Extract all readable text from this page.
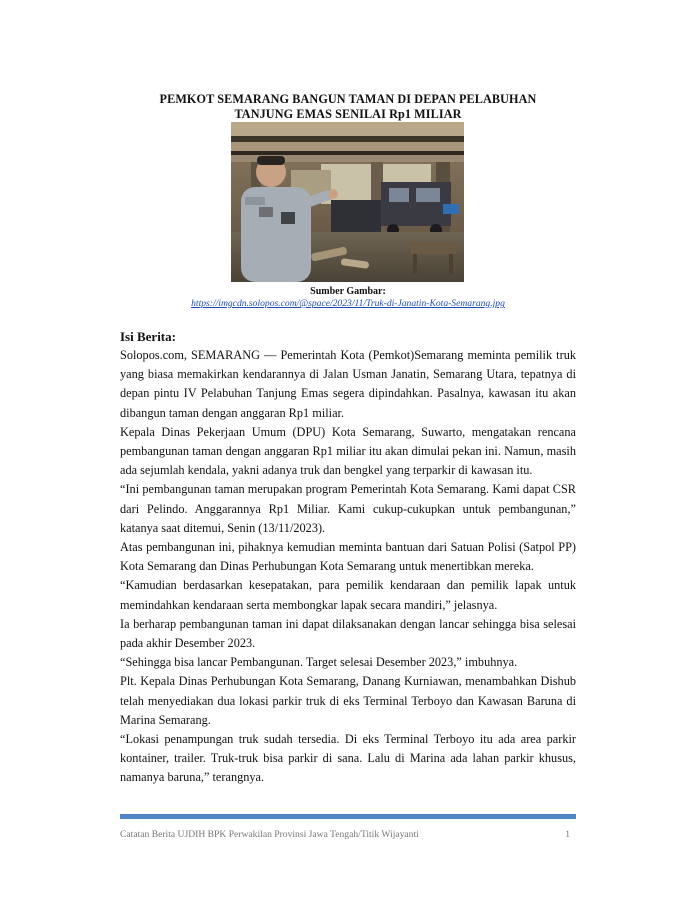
PEMKOT SEMARANG BANGUN TAMAN DI DEPAN PELABUHAN
TANJUNG EMAS SENILAI Rp1 MILIAR
Sumber Gambar:
https://imgcdn.solopos.com/@space/2023/11/Truk-di-Janatin-Kota-Semarang.jpg
Isi Berita:

Solopos.com, SEMARANG — Pemerintah Kota (Pemkot)Semarang meminta pemilik truk yang biasa memakirkan kendarannya di Jalan Usman Janatin, Semarang Utara, tepatnya di depan pintu IV Pelabuhan Tanjung Emas segera dipindahkan. Pasalnya, kawasan itu akan dibangun taman dengan anggaran Rp1 miliar.

Kepala Dinas Pekerjaan Umum (DPU) Kota Semarang, Suwarto, mengatakan rencana pembangunan taman dengan anggaran Rp1 miliar itu akan dimulai pekan ini. Namun, masih ada sejumlah kendala, yakni adanya truk dan bengkel yang terparkir di kawasan itu.

“Ini pembangunan taman merupakan program Pemerintah Kota Semarang. Kami dapat CSR dari Pelindo. Anggarannya Rp1 Miliar. Kami cukup-cukupkan untuk pembangunan,” katanya saat ditemui, Senin (13/11/2023).

Atas pembangunan ini, pihaknya kemudian meminta bantuan dari Satuan Polisi (Satpol PP) Kota Semarang dan Dinas Perhubungan Kota Semarang untuk menertibkan mereka.

“Kamudian berdasarkan kesepatakan, para pemilik kendaraan dan pemilik lapak untuk memindahkan kendaraan serta membongkar lapak secara mandiri,” jelasnya.

Ia berharap pembangunan taman ini dapat dilaksanakan dengan lancar sehingga bisa selesai pada akhir Desember 2023.

“Sehingga bisa lancar Pembangunan. Target selesai Desember 2023,” imbuhnya.

Plt. Kepala Dinas Perhubungan Kota Semarang, Danang Kurniawan, menambahkan Dishub telah menyediakan dua lokasi parkir truk di eks Terminal Terboyo dan Kawasan Baruna di Marina Semarang.

“Lokasi penampungan truk sudah tersedia. Di eks Terminal Terboyo itu ada area parkir kontainer, trailer. Truk-truk bisa parkir di sana. Lalu di Marina ada lahan parkir khusus, namanya baruna,” terangnya.

Catatan Berita UJDIH BPK Perwakilan Provinsi Jawa Tengah/Titik Wijayanti	1
